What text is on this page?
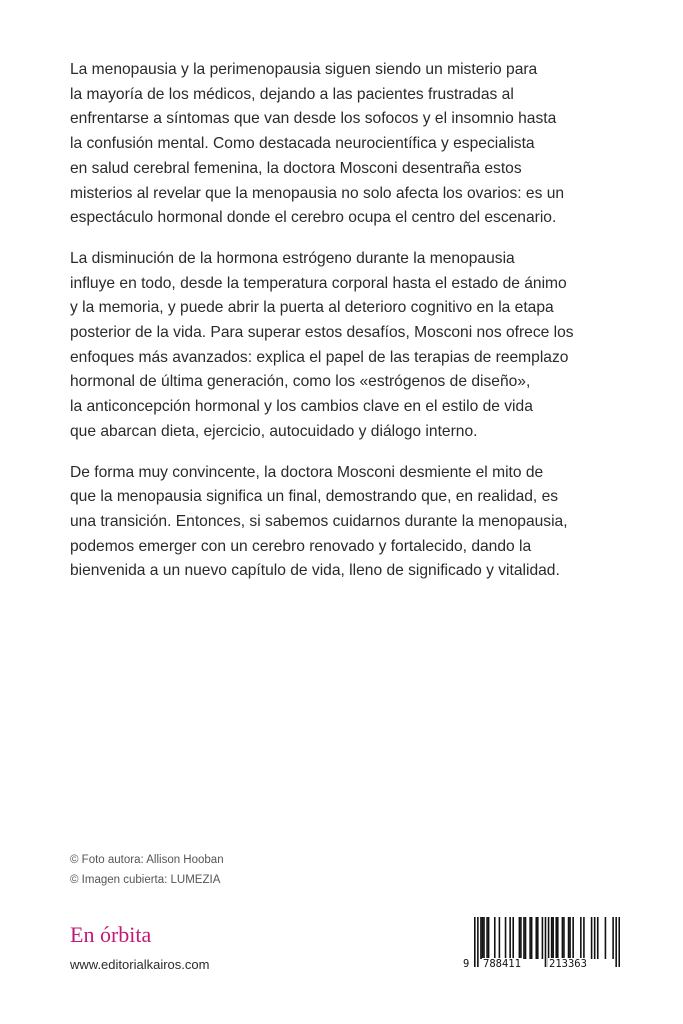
La menopausia y la perimenopausia siguen siendo un misterio para
la mayoría de los médicos, dejando a las pacientes frustradas al
enfrentarse a síntomas que van desde los sofocos y el insomnio hasta
la confusión mental. Como destacada neurocientífica y especialista
en salud cerebral femenina, la doctora Mosconi desentraña estos
misterios al revelar que la menopausia no solo afecta los ovarios: es un
espectáculo hormonal donde el cerebro ocupa el centro del escenario.

La disminución de la hormona estrógeno durante la menopausia
influye en todo, desde la temperatura corporal hasta el estado de ánimo
y la memoria, y puede abrir la puerta al deterioro cognitivo en la etapa
posterior de la vida. Para superar estos desafíos, Mosconi nos ofrece los
enfoques más avanzados: explica el papel de las terapias de reemplazo
hormonal de última generación, como los «estrógenos de diseño»,
la anticoncepción hormonal y los cambios clave en el estilo de vida
que abarcan dieta, ejercicio, autocuidado y diálogo interno.

De forma muy convincente, la doctora Mosconi desmiente el mito de
que la menopausia significa un final, demostrando que, en realidad, es
una transición. Entonces, si sabemos cuidarnos durante la menopausia,
podemos emerger con un cerebro renovado y fortalecido, dando la
bienvenida a un nuevo capítulo de vida, lleno de significado y vitalidad.

© Foto autora: Allison Hooban
© Imagen cubierta: LUMEZIA
En órbita
www.editorialkairos.com	9 788411	213363
